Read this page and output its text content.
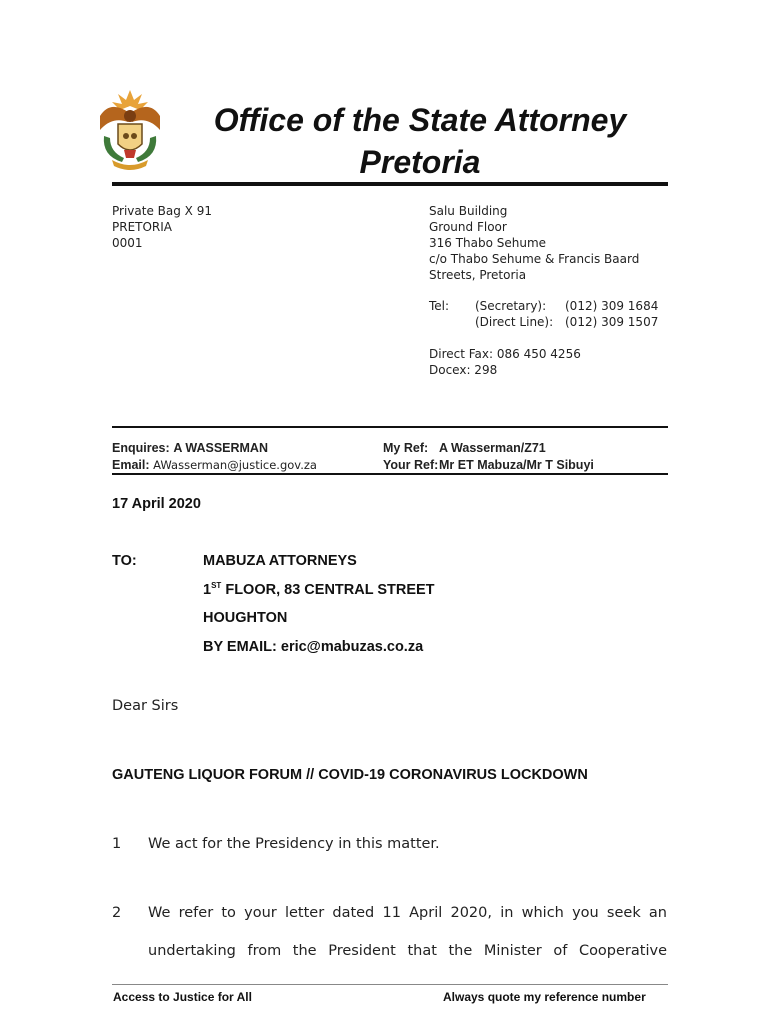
Office of the State Attorney
Pretoria
Private Bag X 91
PRETORIA
0001
Salu Building
Ground Floor
316 Thabo Sehume
c/o Thabo Sehume & Francis Baard
Streets, Pretoria
Tel: (Secretary): (012) 309 1684
(Direct Line): (012) 309 1507
Direct Fax: 086 450 4256
Docex: 298
Enquires: A WASSERMAN
Email: AWasserman@justice.gov.za
My Ref: A Wasserman/Z71
Your Ref:Mr ET Mabuza/Mr T Sibuyi
17 April 2020
TO:	MABUZA ATTORNEYS
1ST FLOOR, 83 CENTRAL STREET
HOUGHTON
BY EMAIL: eric@mabuzas.co.za
Dear Sirs
GAUTENG LIQUOR FORUM // COVID-19 CORONAVIRUS LOCKDOWN
1 We act for the Presidency in this matter.
2 We refer to your letter dated 11 April 2020, in which you seek an
undertaking from the President that the Minister of Cooperative
Access to Justice for All	Always quote my reference number
